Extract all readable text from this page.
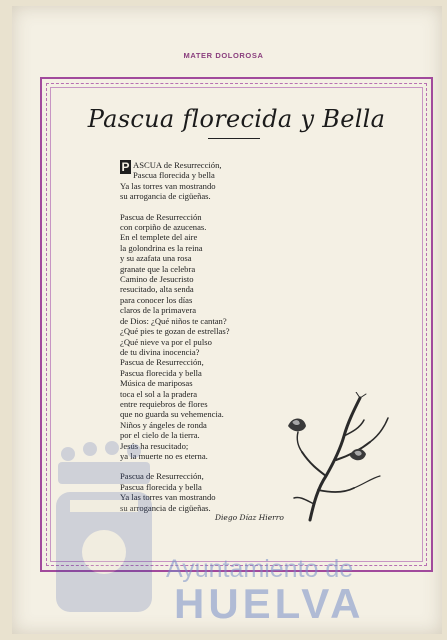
MATER DOLOROSA
Pascua florecida y Bella
P ASCUA de Resurrección,
Pascua florecida y bella
Ya las torres van mostrando
su arrogancia de cigüeñas.
Pascua de Resurrección
con corpiño de azucenas.
En el templete del aire
la golondrina es la reina
y su azafata una rosa
granate que la celebra
Camino de Jesucristo
resucitado, alta senda
para conocer los días
claros de la primavera
de Dios: ¿Qué niños te cantan?
¿Qué pies te gozan de estrellas?
¿Qué nieve va por el pulso
de tu divina inocencia?
Pascua de Resurrección,
Pascua florecida y bella
Música de mariposas
toca el sol a la pradera
entre requiebros de flores
que no guarda su vehemencia.
Niños y ángeles de ronda
por el cielo de la tierra.
Jesús ha resucitado;
ya la muerte no es eterna.
Pascua de Resurrección,
Pascua florecida y bella
Ya las torres van mostrando
su arrogancia de cigüeñas.
Diego Díaz Hierro
Ayuntamiento de
HUELVA
